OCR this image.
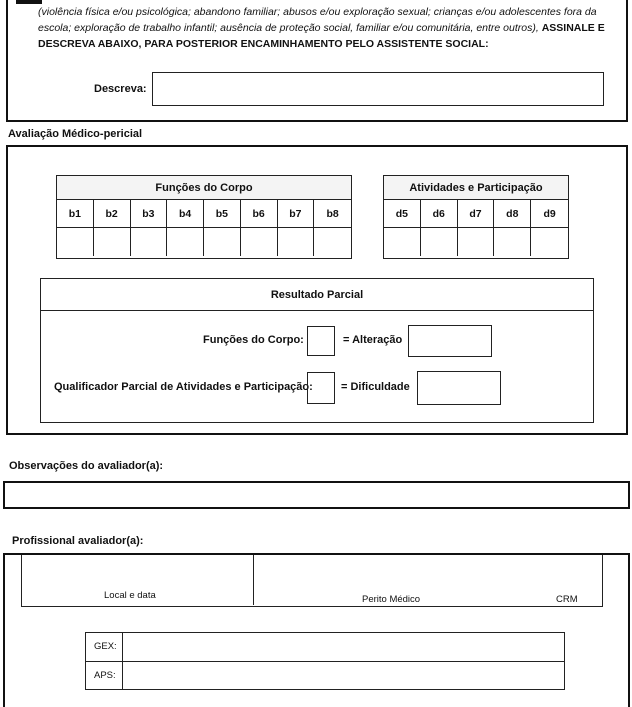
(violência física e/ou psicológica; abandono familiar; abusos e/ou exploração sexual; crianças e/ou adolescentes fora da escola; exploração de trabalho infantil; ausência de proteção social, familiar e/ou comunitária, entre outros), ASSINALE E DESCREVA ABAIXO, PARA POSTERIOR ENCAMINHAMENTO PELO ASSISTENTE SOCIAL:
Descreva:
Avaliação Médico-pericial
Funções do Corpo
b1	b2	b3	b4	b5	b6	b7	b8
Atividades e Participação
d5	d6	d7	d8	d9
Resultado Parcial
Funções do Corpo:	= Alteração
Qualificador Parcial de Atividades e Participação:	= Dificuldade
Observações do avaliador(a):
Profissional avaliador(a):
Local e data	Perito Médico	CRM
GEX:
APS:
